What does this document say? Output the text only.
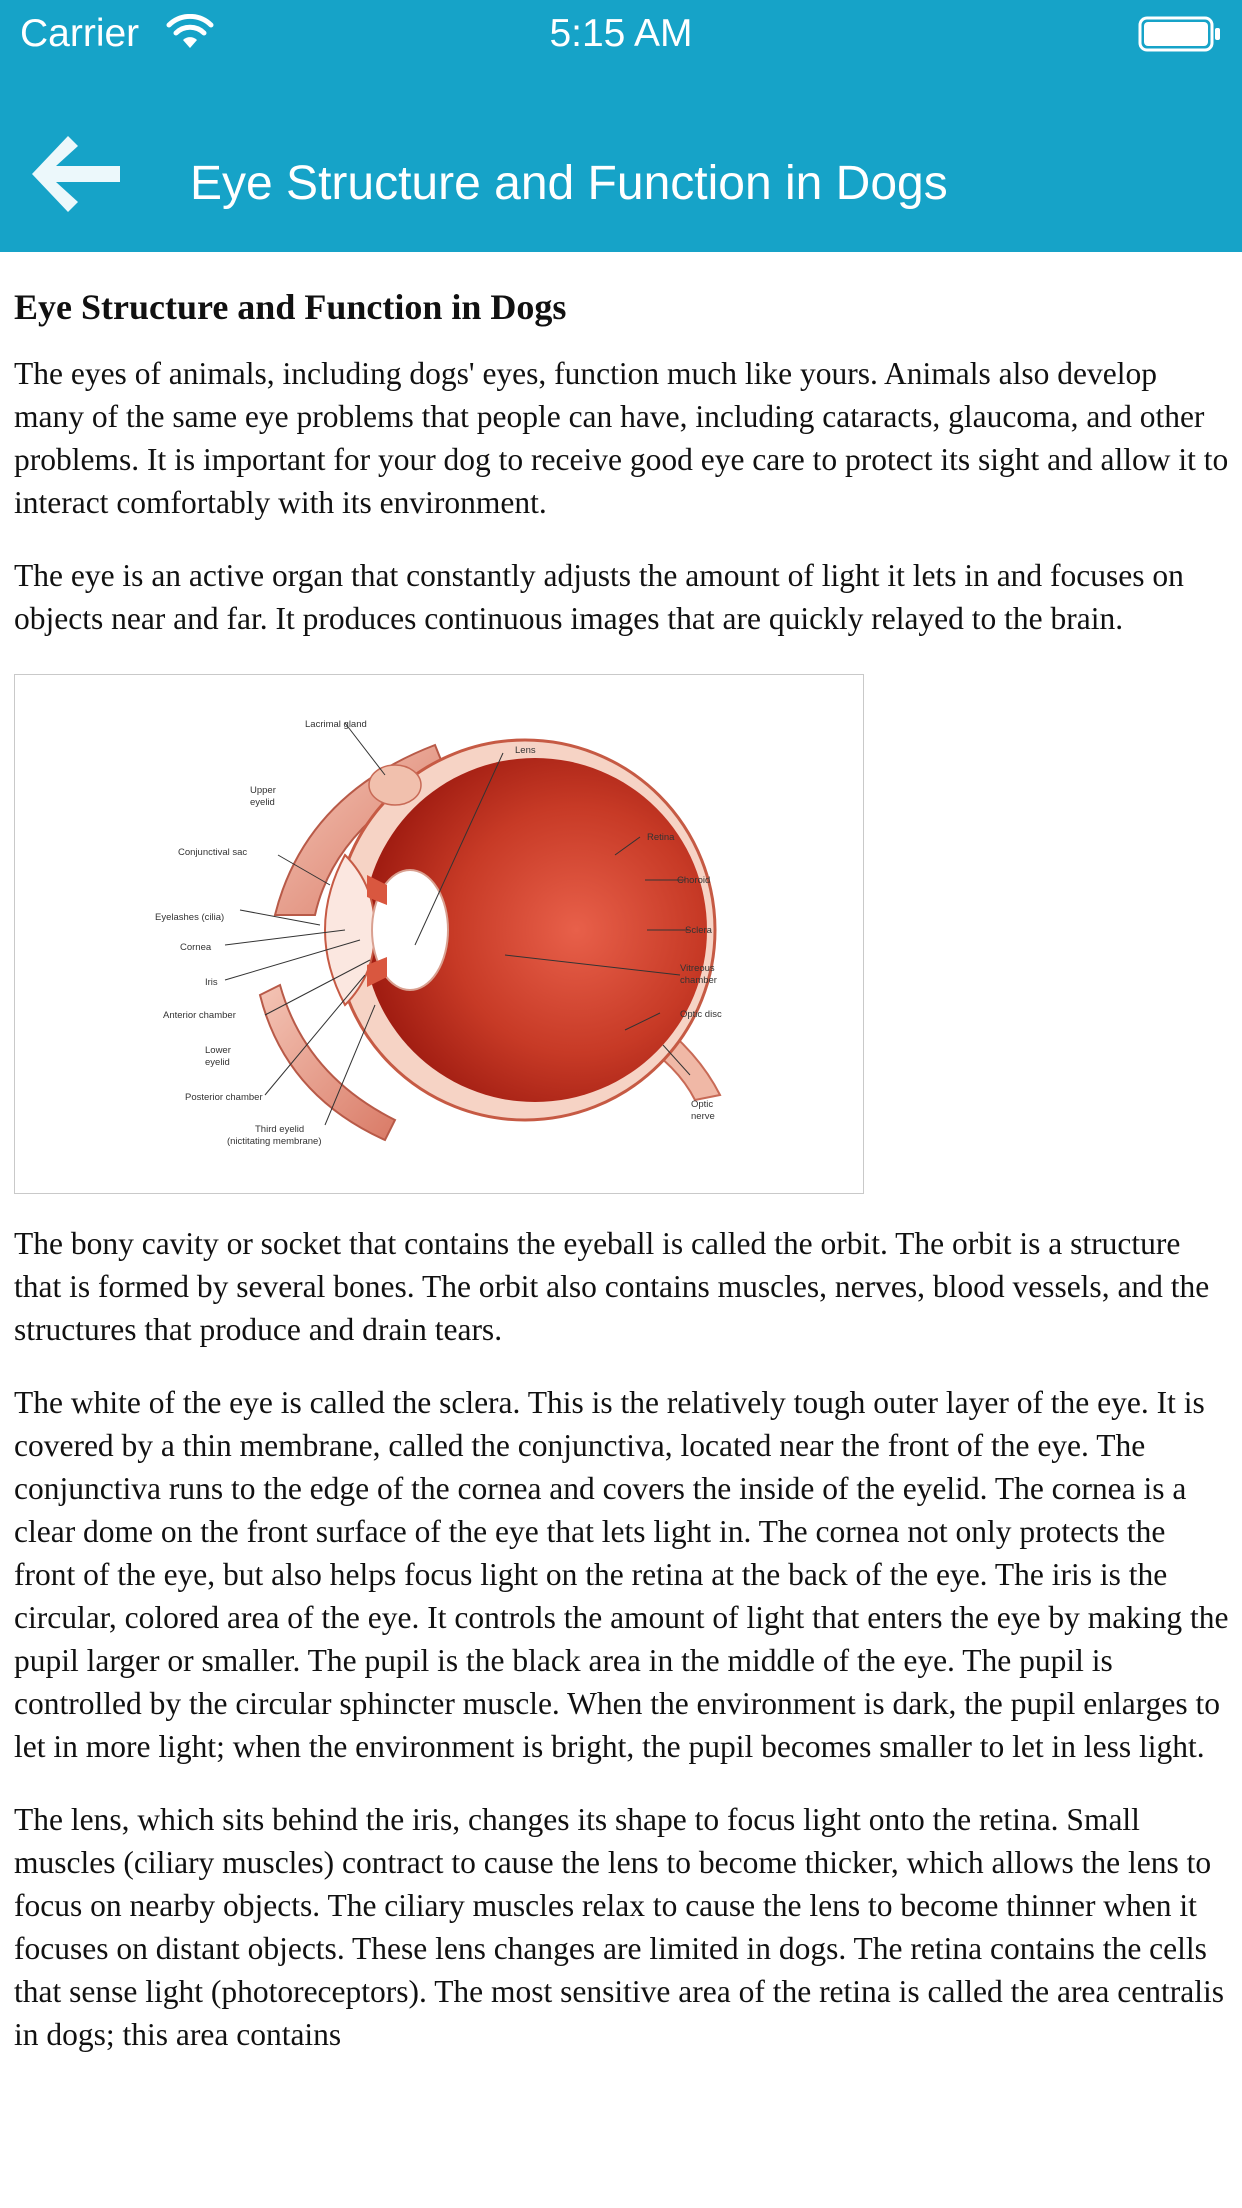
Carrier	5:15 AM
Eye Structure and Function in Dogs
Eye Structure and Function in Dogs

The eyes of animals, including dogs' eyes, function much like yours. Animals also develop many of the same eye problems that people can have, including cataracts, glaucoma, and other problems. It is important for your dog to receive good eye care to protect its sight and allow it to interact comfortably with its environment.

The eye is an active organ that constantly adjusts the amount of light it lets in and focuses on objects near and far. It produces continuous images that are quickly relayed to the brain.

Lacrimal gland
Lens
Upper
eyelid
Retina
Conjunctival sac
Choroid
Eyelashes (cilia)
Sclera
Cornea
Vitreous
chamber
Iris
Anterior chamber	Optic disc
Lower
eyelid
Posterior chamber
Optic
nerve
Third eyelid
(nictitating membrane)

The bony cavity or socket that contains the eyeball is called the orbit. The orbit is a structure that is formed by several bones. The orbit also contains muscles, nerves, blood vessels, and the structures that produce and drain tears.

The white of the eye is called the sclera. This is the relatively tough outer layer of the eye. It is covered by a thin membrane, called the conjunctiva, located near the front of the eye. The conjunctiva runs to the edge of the cornea and covers the inside of the eyelid. The cornea is a clear dome on the front surface of the eye that lets light in. The cornea not only protects the front of the eye, but also helps focus light on the retina at the back of the eye. The iris is the circular, colored area of the eye. It controls the amount of light that enters the eye by making the pupil larger or smaller. The pupil is the black area in the middle of the eye. The pupil is controlled by the circular sphincter muscle. When the environment is dark, the pupil enlarges to let in more light; when the environment is bright, the pupil becomes smaller to let in less light.

The lens, which sits behind the iris, changes its shape to focus light onto the retina. Small muscles (ciliary muscles) contract to cause the lens to become thicker, which allows the lens to focus on nearby objects. The ciliary muscles relax to cause the lens to become thinner when it focuses on distant objects. These lens changes are limited in dogs. The retina contains the cells that sense light (photoreceptors). The most sensitive area of the retina is called the area centralis in dogs; this area contains
